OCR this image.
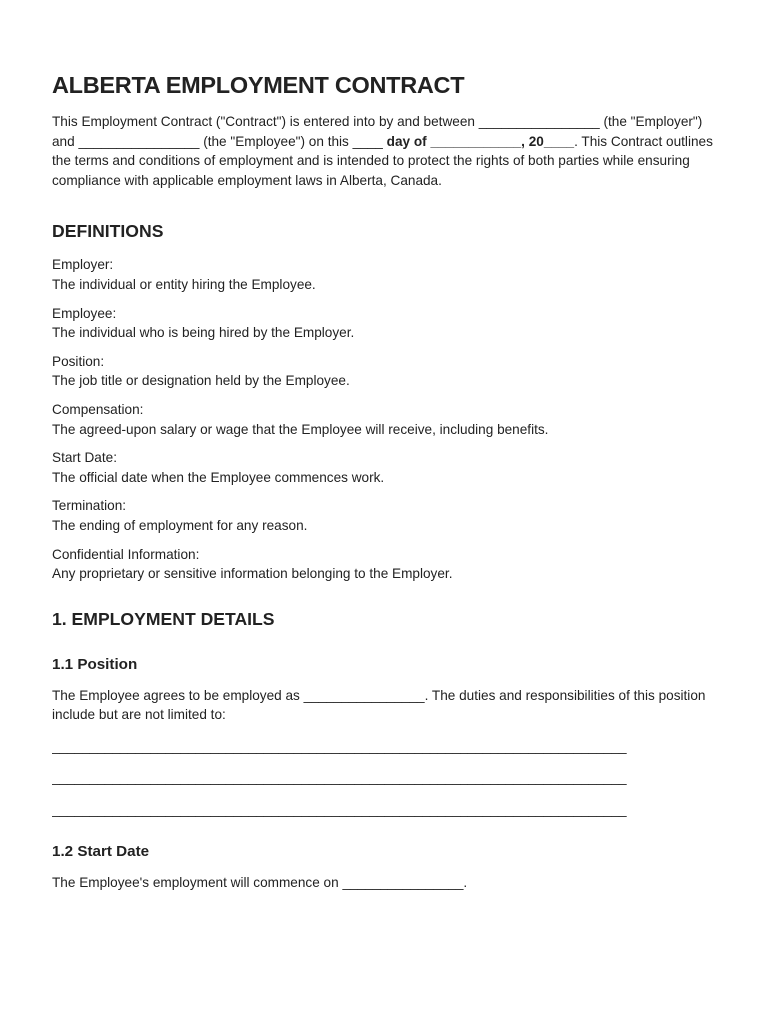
ALBERTA EMPLOYMENT CONTRACT

This Employment Contract ("Contract") is entered into by and between ________________ (the "Employer") and ________________ (the "Employee") on this ____ day of ____________, 20____. This Contract outlines the terms and conditions of employment and is intended to protect the rights of both parties while ensuring compliance with applicable employment laws in Alberta, Canada.

DEFINITIONS
Employer:
The individual or entity hiring the Employee.
Employee:
The individual who is being hired by the Employer.
Position:
The job title or designation held by the Employee.
Compensation:
The agreed-upon salary or wage that the Employee will receive, including benefits.
Start Date:
The official date when the Employee commences work.
Termination:
The ending of employment for any reason.
Confidential Information:
Any proprietary or sensitive information belonging to the Employer.
1. EMPLOYMENT DETAILS
1.1 Position

The Employee agrees to be employed as ________________. The duties and responsibilities of this position include but are not limited to:

____________________________________________________________________________
____________________________________________________________________________
____________________________________________________________________________
1.2 Start Date

The Employee's employment will commence on ________________.
